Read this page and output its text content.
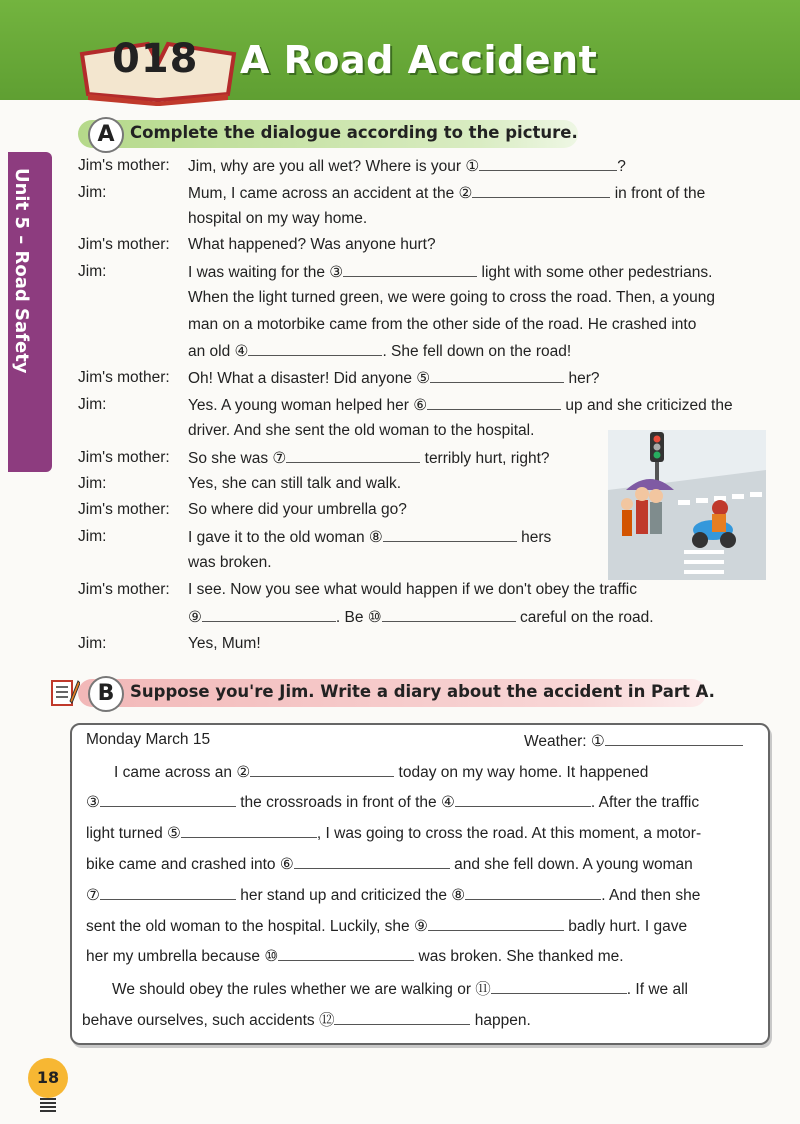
018 A Road Accident
Unit 5 – Road Safety
A Complete the dialogue according to the picture.
Jim's mother: Jim, why are you all wet? Where is your ①	?
Jim:	Mum, I came across an accident at the ②	in front of the
hospital on my way home.
Jim's mother: What happened? Was anyone hurt?
Jim:	I was waiting for the ③	light with some other pedestrians.
When the light turned green, we were going to cross the road. Then, a young
man on a motorbike came from the other side of the road. He crashed into
an old ④	. She fell down on the road!
Jim's mother: Oh! What a disaster! Did anyone ⑤	her?
Jim:	Yes. A young woman helped her ⑥	up and she criticized the
driver. And she sent the old woman to the hospital.
Jim's mother: So she was ⑦	terribly hurt, right?
Jim:	Yes, she can still talk and walk.
Jim's mother: So where did your umbrella go?
Jim:	I gave it to the old woman ⑧	hers
was broken.
Jim's mother: I see. Now you see what would happen if we don't obey the traffic
⑨	. Be ⑩	careful on the road.
Jim:	Yes, Mum!
B Suppose you're Jim. Write a diary about the accident in Part A.
Monday March 15	Weather: ①
I came across an ②	today on my way home. It happened
③	the crossroads in front of the ④	. After the traffic
light turned ⑤	, I was going to cross the road. At this moment, a motor-
bike came and crashed into ⑥	and she fell down. A young woman
⑦	her stand up and criticized the ⑧	. And then she
sent the old woman to the hospital. Luckily, she ⑨	badly hurt. I gave
her my umbrella because ⑩	was broken. She thanked me.
We should obey the rules whether we are walking or ⑪	. If we all
behave ourselves, such accidents ⑫	happen.
18
